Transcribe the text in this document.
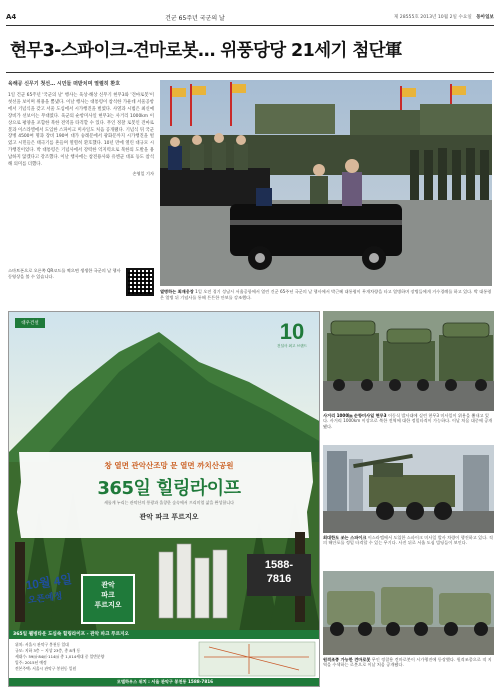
A4	건군 65주년 국군의 날	제 28555호 2013년 10월 2일 수요일 동아일보
현무3-스파이크-견마로봇… 위풍당당 21세기 첨단軍
육해공 신무기 첫선… 시민들 떠받치며 열렬히 환호
1일 건군 65주년 '국군의 날' 행사는 육상·해상 신무기 현무3와 '견마로봇'이 첫선을 보이며 위용을 뽐냈다. 이날 행사는 대통령이 참석한 가운데 서울공항에서 기념식을 갖고 서울 도심에서 시가행진을 벌였다. 사열과 시범은 최신예 장비가 선보이는 무대였다. 육군의 순항미사일 현무3는 사거리 1000km 이상으로 평양을 포함한 북한 전역을 타격할 수 있다. 무인 정찰 로봇인 견마로봇과 이스라엘에서 도입한 스파이크 미사일도 처음 공개됐다. 기념식 뒤 국군 장병 4500여 명과 장비 190여 대가 숭례문에서 광화문까지 시가행진을 벌였고 시민들은 태극기를 흔들며 열렬히 환호했다. 10년 만에 열린 대규모 시가행진이었다. 박 대통령은 기념사에서 강력한 억지력으로 북한의 도발을 용납하지 않겠다고 강조했다. 이날 행사에는 참전용사와 유엔군 대표 등도 참석해 의미를 더했다.
손영일 기자
스마트폰으로 오른쪽 QR코드를 찍으면 생생한 국군의 날 행사 동영상을 볼 수 있습니다.
열병하는 최재웅장 1일 오전 경기 성남시 서울공항에서 열린 건군 65주년 국군의 날 행사에서 박근혜 대통령이 무개차량을 타고 열병하며 장병들에게 거수경례를 하고 있다. 박 대통령은 열병 뒤 기념사를 통해 튼튼한 안보를 강조했다.
대우건설	10
건설사 최고 브랜드
창 열면 관악산조망 문 열면 까치산공원
365일 힐링라이프
새롭게 누리는 관악산의 풍광과 울창한 숲속에서 프리미엄 삶을 완성합니다
관악 파크 푸르지오
10월 4일
오픈예정
관악
파크
푸르지오
1588-
7816
365일 웰빙타운 도심속 힐링라이프 - 관악 파크 푸르지오
위치: 서울시 관악구 봉천동 일대
규모: 지하 3층 ~ 지상 23층, 총 8개 동
세대수: 59㎡·84㎡·114㎡ 총 1,014세대 중 일반분양
입주: 2015년 예정
견본주택: 서울시 관악구 봉천동 일원
모델하우스 위치 : 서울 관악구 봉천동 1588-7816
사거리 1000㎞ 순항미사일 현무3 이동식 발사대에 실린 현무3 미사일이 위용을 뽐내고 있다. 사거리 1000km 이상으로 북한 전역에 대한 정밀타격이 가능하다. 이날 처음 대중에 공개됐다.
최대한도 쏘는 스파이크 이스라엘에서 도입한 스파이크 미사일 발사 차량이 행진하고 있다. 적의 해안포를 정밀 타격할 수 있는 무기다. 사진 뒤로 서울 도심 빌딩들이 보인다.
원격조종 가능한 견마로봇 무인 정찰용 견마로봇이 시가행진에 등장했다. 원격조종으로 적 지역을 수색하는 로봇으로 이날 처음 공개됐다.
